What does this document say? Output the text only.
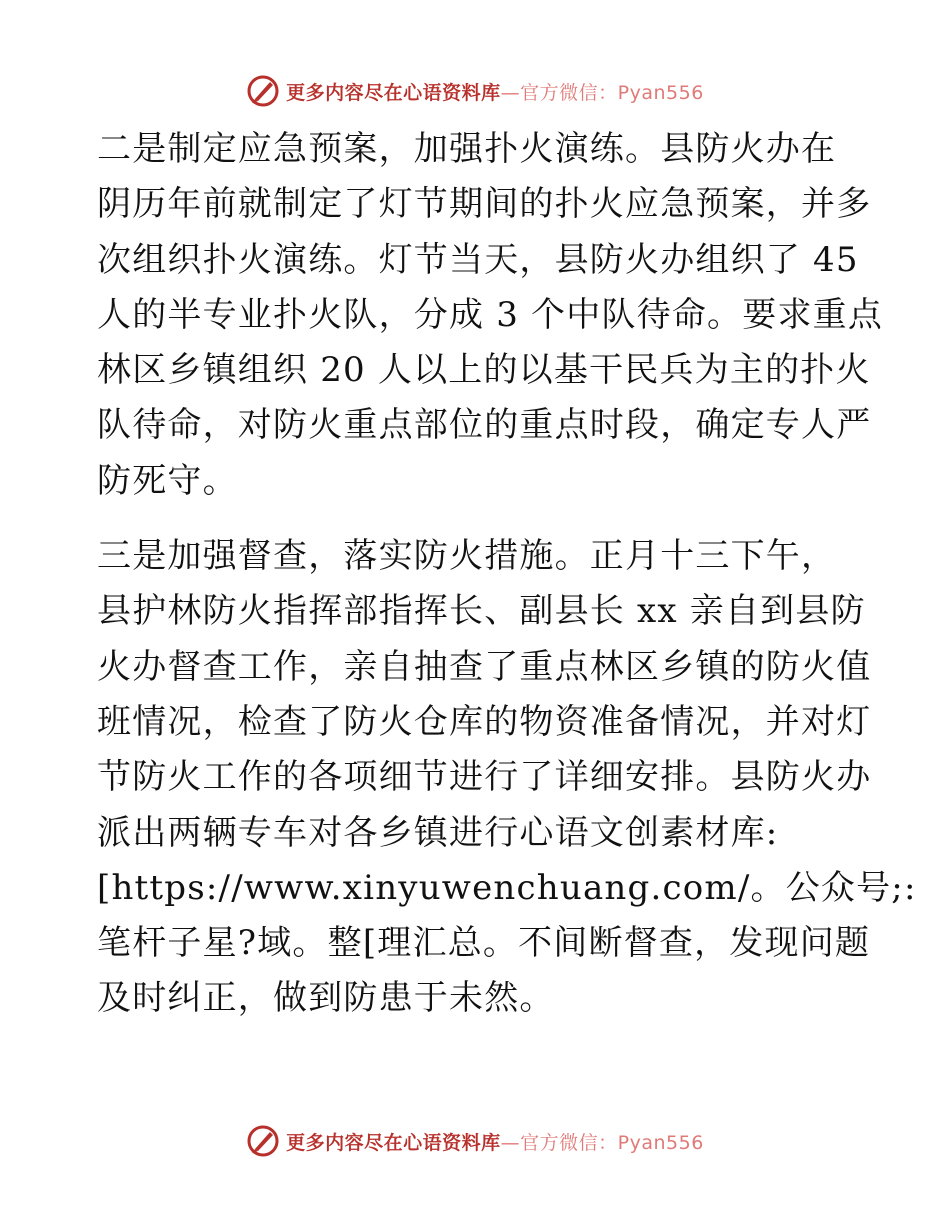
更多内容尽在心语资料库—官方微信：Pyan556
二是制定应急预案，加强扑火演练。县防火办在
阴历年前就制定了灯节期间的扑火应急预案，并多
次组织扑火演练。灯节当天，县防火办组织了 45
人的半专业扑火队，分成 3 个中队待命。要求重点
林区乡镇组织 20 人以上的以基干民兵为主的扑火
队待命，对防火重点部位的重点时段，确定专人严
防死守。
三是加强督查，落实防火措施。正月十三下午，
县护林防火指挥部指挥长、副县长 xx 亲自到县防
火办督查工作，亲自抽查了重点林区乡镇的防火值
班情况，检查了防火仓库的物资准备情况，并对灯
节防火工作的各项细节进行了详细安排。县防火办
派出两辆专车对各乡镇进行心语文创素材库:
[https://www.xinyuwenchuang.com/。公众号;:
笔杆子星?域。整[理汇总。不间断督查，发现问题
及时纠正，做到防患于未然。
更多内容尽在心语资料库—官方微信：Pyan556
